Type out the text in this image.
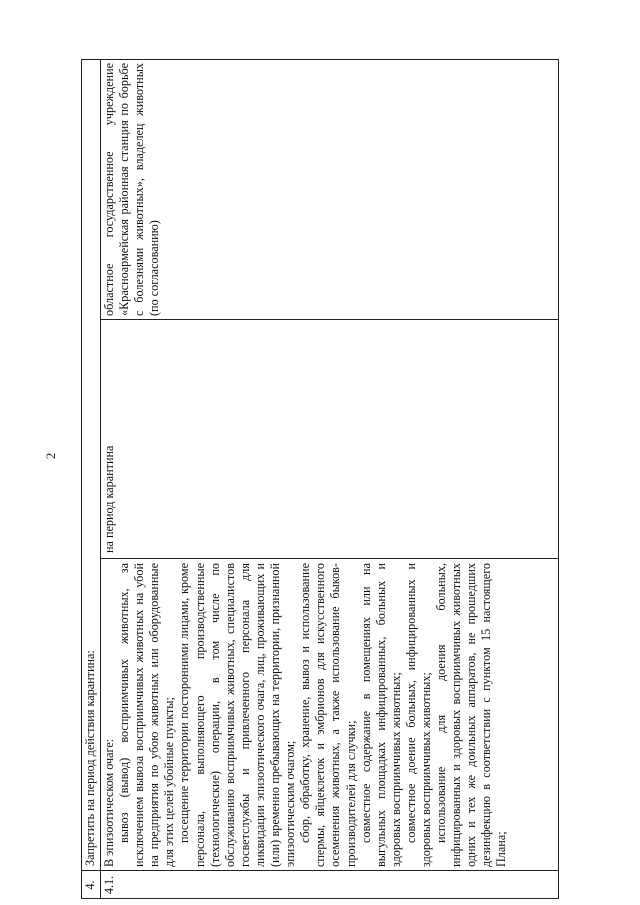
2
4.
Запретить на период действия карантина:
4.1.

В эпизоотическом очаге: вывоз (вывод) восприимчивых животных, за исключением вывоза восприимчивых животных на убой на предприятия по убою животных или оборудованные для этих целей убойные пункты; посещение территории посторонними лицами, кроме персонала, выполняющего производственные (технологические) операции, в том числе по обслуживанию восприимчивых животных, специалистов госветслужбы и привлеченного персонала для ликвидации эпизоотического очага, лиц, проживающих и (или) временно пребывающих на территории, признанной эпизоотическим очагом; сбор, обработку, хранение, вывоз и использование спермы, яйцеклеток и эмбрионов для искусственного осеменения животных, а также использование быков-производителей для случки; совместное содержание в помещениях или на выгульных площадках инфицированных, больных и здоровых восприимчивых животных; совместное доение больных, инфицированных и здоровых восприимчивых животных; использование для доения больных, инфицированных и здоровых восприимчивых животных одних и тех же доильных аппаратов, не прошедших дезинфекцию в соответствии с пунктом 15 настоящего Плана;

на период карантина
областное государственное учреждение «Красноармейская районная станция по борьбе с болезнями животных», владелец животных (по согласованию)
